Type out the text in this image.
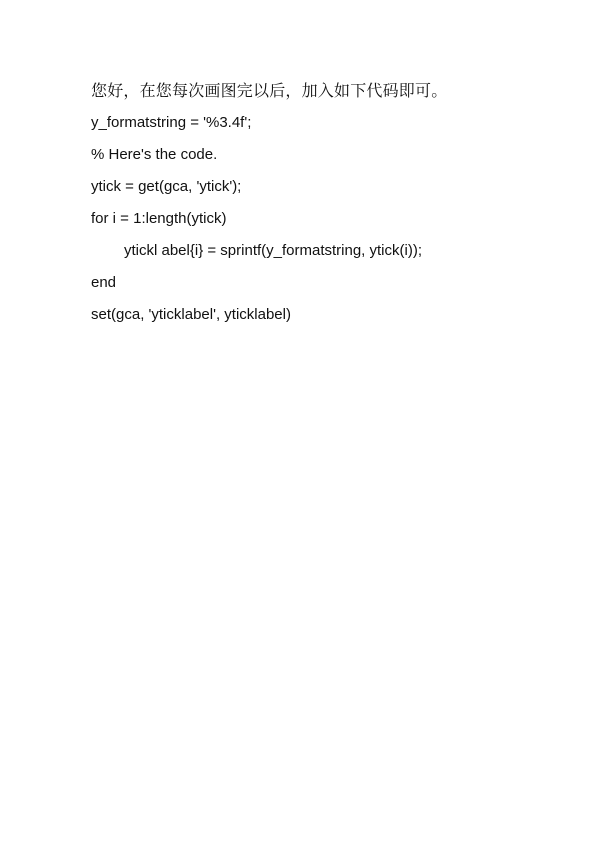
您好，在您每次画图完以后，加入如下代码即可。
y_formatstring = '%3.4f';
% Here's the code.
ytick = get(gca, 'ytick');
for i = 1:length(ytick)
ytickl abel{i} = sprintf(y_formatstring, ytick(i));
end
set(gca, 'yticklabel', yticklabel)
